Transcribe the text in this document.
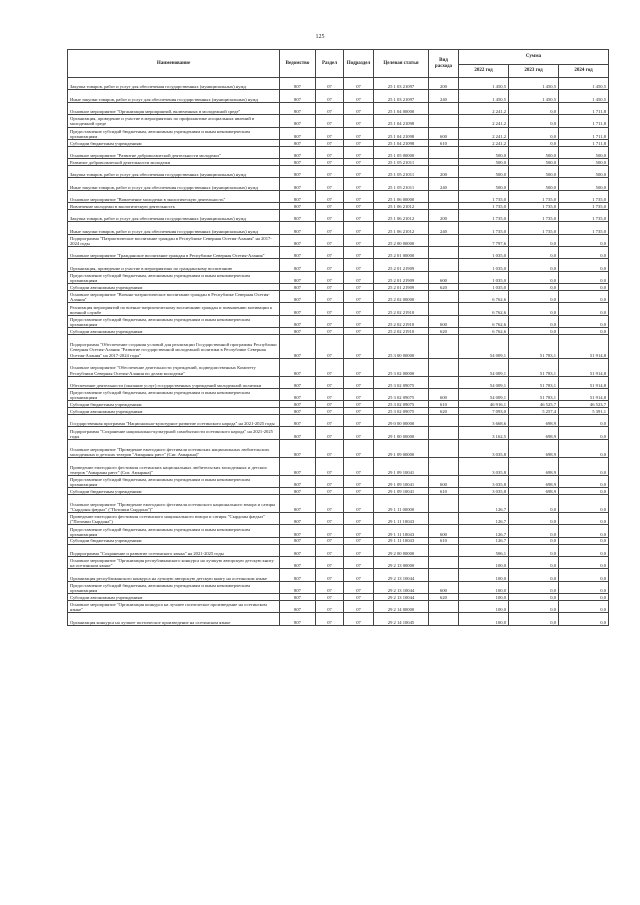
125
Наименование	Ведомство	Раздел	Подраздел	Целевая статья	Вид расхода	Сумма		
						2022 год	2023 год	2024 год
Закупка товаров, работ и услуг для обеспечения государственных (муниципальных) нужд	807	07	07	25 1 03 21097	200	1 450,5	1 450,5	1 450,5
Иные закупки товаров, работ и услуг для обеспечения государственных (муниципальных) нужд	807	07	07	25 1 03 21097	240	1 450,5	1 450,5	1 450,5
Основное мероприятие "Организация мероприятий, включенных в молодежной среде"	807	07	07	25 1 04 00000		2 241,2	0,0	1 711,8
Организация, проведение и участие в мероприятиях по профилактике асоциальных явлений в молодежной среде	807	07	07	25 1 04 21098		2 241,2	0,0	1 711,8
Предоставление субсидий бюджетным, автономным учреждениям и иным некоммерческим организациям	807	07	07	25 1 04 21098	600	2 241,2	0,0	1 711,8
Субсидии бюджетным учреждениям	807	07	07	25 1 04 21098	610	2 241,2	0,0	1 711,8
Основное мероприятие "Развитие добровольческой деятельности молодежи"	807	07	07	25 1 05 00000		500,0	500,0	500,0
Развитие добровольческой деятельности молодежи	807	07	07	25 1 05 21011		500,0	500,0	500,0
Закупка товаров, работ и услуг для обеспечения государственных (муниципальных) нужд	807	07	07	25 1 05 21011	200	500,0	500,0	500,0
Иные закупки товаров, работ и услуг для обеспечения государственных (муниципальных) нужд	807	07	07	25 1 05 21011	240	500,0	500,0	500,0
Основное мероприятие "Вовлечение молодежи в экологическую деятельность"	807	07	07	25 1 06 00000		1 735,0	1 735,0	1 735,0
Вовлечение молодежи в экологическую деятельность	807	07	07	25 1 06 21012		1 735,0	1 735,0	1 735,0
Закупка товаров, работ и услуг для обеспечения государственных (муниципальных) нужд	807	07	07	25 1 06 21012	200	1 735,0	1 735,0	1 735,0
Иные закупки товаров, работ и услуг для обеспечения государственных (муниципальных) нужд	807	07	07	25 1 06 21012	240	1 735,0	1 735,0	1 735,0
Подпрограмма "Патриотическое воспитание граждан в Республике Северная Осетия-Алания" на 2017-2024 годы	807	07	07	25 2 00 00000		7 797,6	0,0	0,0
Основное мероприятие "Гражданское воспитание граждан в Республике Северная Осетия-Алания"	807	07	07	25 2 01 00000		1 035,0	0,0	0,0
Организация, проведение и участие в мероприятиях по гражданскому воспитанию	807	07	07	25 2 01 21909		1 035,0	0,0	0,0
Предоставление субсидий бюджетным, автономным учреждениям и иным некоммерческим организациям	807	07	07	25 2 01 21909	600	1 035,0	0,0	0,0
Субсидии автономным учреждениям	807	07	07	25 2 01 21909	620	1 035,0	0,0	0,0
Основное мероприятие "Военно-патриотическое воспитание граждан в Республике Северная Осетия-Алания"	807	07	07	25 2 02 00000		6 762,6	0,0	0,0
Реализация мероприятий по военно-патриотическому воспитанию граждан и повышению мотивации к военной службе	807	07	07	25 2 02 21910		6 762,6	0,0	0,0
Предоставление субсидий бюджетным, автономным учреждениям и иным некоммерческим организациям	807	07	07	25 2 02 21910	600	6 762,6	0,0	0,0
Субсидии автономным учреждениям	807	07	07	25 2 02 21910	620	6 762,6	0,0	0,0
Подпрограмма "Обеспечение создания условий для реализации Государственной программы Республики Северная Осетия-Алания "Развитие государственной молодежной политики в Республике Северная Осетия-Алания" на 2017-2024 годы"	807	07	07	25 3 00 00000		54 009,1	51 783,1	51 914,8
Основное мероприятие "Обеспечение деятельности учреждений, подведомственных Комитету Республики Северная Осетия-Алания по делам молодежи"	807	07	07	25 3 02 00000		54 009,1	51 783,1	51 914,8
Обеспечение деятельности (оказание услуг) государственных учреждений молодежной политики	807	07	07	25 3 02 09075		54 009,1	51 783,1	51 914,8
Предоставление субсидий бюджетным, автономным учреждениям и иным некоммерческим организациям	807	07	07	25 3 02 09075	600	54 009,1	51 783,1	51 914,8
Субсидии бюджетным учреждениям	807	07	07	25 3 02 09075	610	46 916,1	46 525,7	46 523,7
Субсидии автономным учреждениям	807	07	07	25 3 02 09075	620	7 093,0	5 257,4	5 391,1
Государственная программа "Национально-культурное развитие осетинского народа" на 2021-2025 годы	807	07	07	29 0 00 00000		3 668,6	698,9	0,0
Подпрограмма "Сохранение национально-культурной самобытности осетинского народа" на 2021-2025 годы	807	07	07	29 1 00 00000		3 162,5	698,9	0,0
Основное мероприятие "Проведение ежегодного фестиваля осетинских национальных любительских молодежных и детских театров "Амыраны рæст" (Сиг. Амырана)"	807	07	07	29 1 09 00000		3 035,8	698,9	0,0
Проведение ежегодного фестиваля осетинских национальных любительских молодежных и детских театров "Амыраны рæст" (Сиг. Амырана)"	807	07	07	29 1 09 10041		3 035,8	698,9	0,0
Предоставление субсидий бюджетным, автономным учреждениям и иным некоммерческим организациям	807	07	07	29 1 09 10041	600	3 035,8	698,9	0,0
Субсидии бюджетным учреждениям	807	07	07	29 1 09 10041	610	3 035,8	698,9	0,0
Основное мероприятие "Проведение ежегодного фестиваля осетинского национального юмора и сатиры "Сырдоны фæдыл" ("Потомки Сырдона")"	807	07	07	29 1 11 00000		126,7	0,0	0,0
Проведение ежегодного фестиваля осетинского национального юмора и сатиры "Сырдоны фæдыл" ("Потомки Сырдона")	807	07	07	29 1 11 10043		126,7	0,0	0,0
Предоставление субсидий бюджетным, автономным учреждениям и иным некоммерческим организациям	807	07	07	29 1 11 10043	600	126,7	0,0	0,0
Субсидии бюджетным учреждениям	807	07	07	29 1 11 10043	610	126,7	0,0	0,0
Подпрограмма "Сохранение и развитие осетинского языка" на 2021-2025 годы	807	07	07	29 2 00 00000		506,1	0,0	0,0
Основное мероприятие "Организация республиканского конкурса на лучшую авторскую детскую книгу на осетинском языке"	807	07	07	29 2 13 00000		100,0	0,0	0,0
Организация республиканского конкурса на лучшую авторскую детскую книгу на осетинском языке	807	07	07	29 2 13 10044		100,0	0,0	0,0
Предоставление субсидий бюджетным, автономным учреждениям и иным некоммерческим организациям	807	07	07	29 2 13 10044	600	100,0	0,0	0,0
Субсидии автономным учреждениям	807	07	07	29 2 13 10044	620	100,0	0,0	0,0
Основное мероприятие "Организация конкурса на лучшее поэтическое произведение на осетинском языке"	807	07	07	29 2 14 00000		100,0	0,0	0,0
Организация конкурса на лучшее поэтическое произведение на осетинском языке	807	07	07	29 2 14 10045		100,0	0,0	0,0
